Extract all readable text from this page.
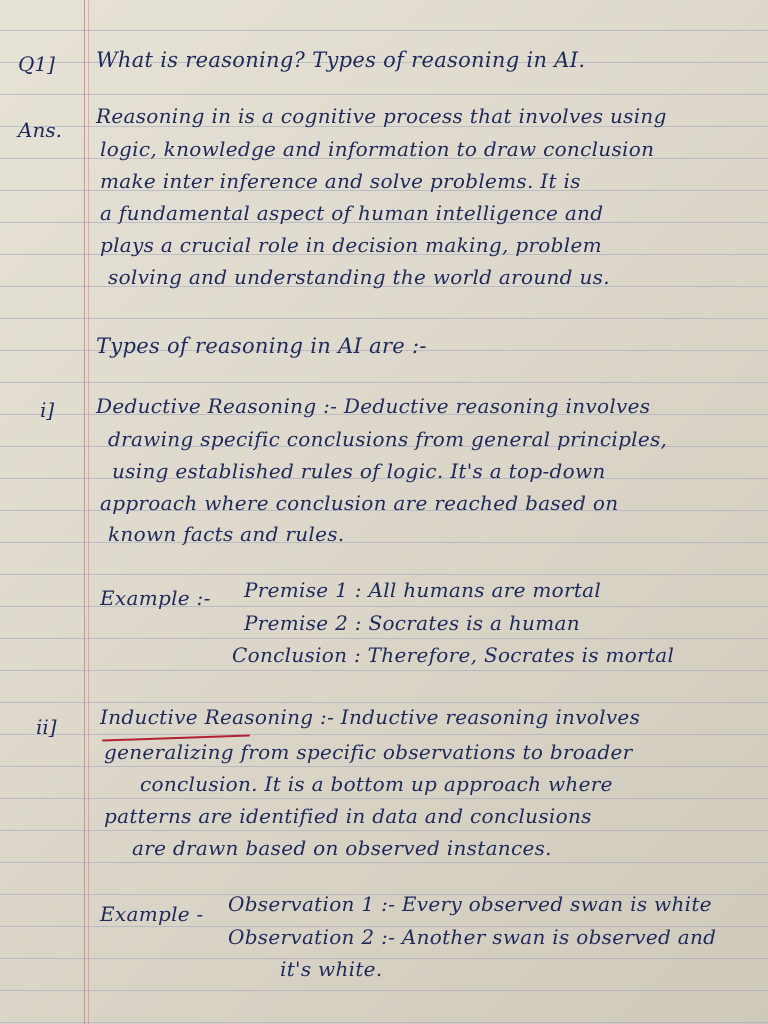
Q1] What is reasoning? Types of reasoning in AI.
Ans.
Reasoning in is a cognitive process that involves using
logic, knowledge and information to draw conclusion
make inter inference and solve problems. It is
a fundamental aspect of human intelligence and
plays a crucial role in decision making, problem
solving and understanding the world around us.
Types of reasoning in AI are :-
i] Deductive Reasoning :- Deductive reasoning involves
drawing specific conclusions from general principles,
using established rules of logic. It's a top-down
approach where conclusion are reached based on
known facts and rules.
Example :- Premise 1 : All humans are mortal
Premise 2 : Socrates is a human
Conclusion : Therefore, Socrates is mortal
ii] Inductive Reasoning :- Inductive reasoning involves
generalizing from specific observations to broader
conclusion. It is a bottom up approach where
patterns are identified in data and conclusions
are drawn based on observed instances.
Example - Observation 1 :- Every observed swan is white
Observation 2 :- Another swan is observed and
it's white.
